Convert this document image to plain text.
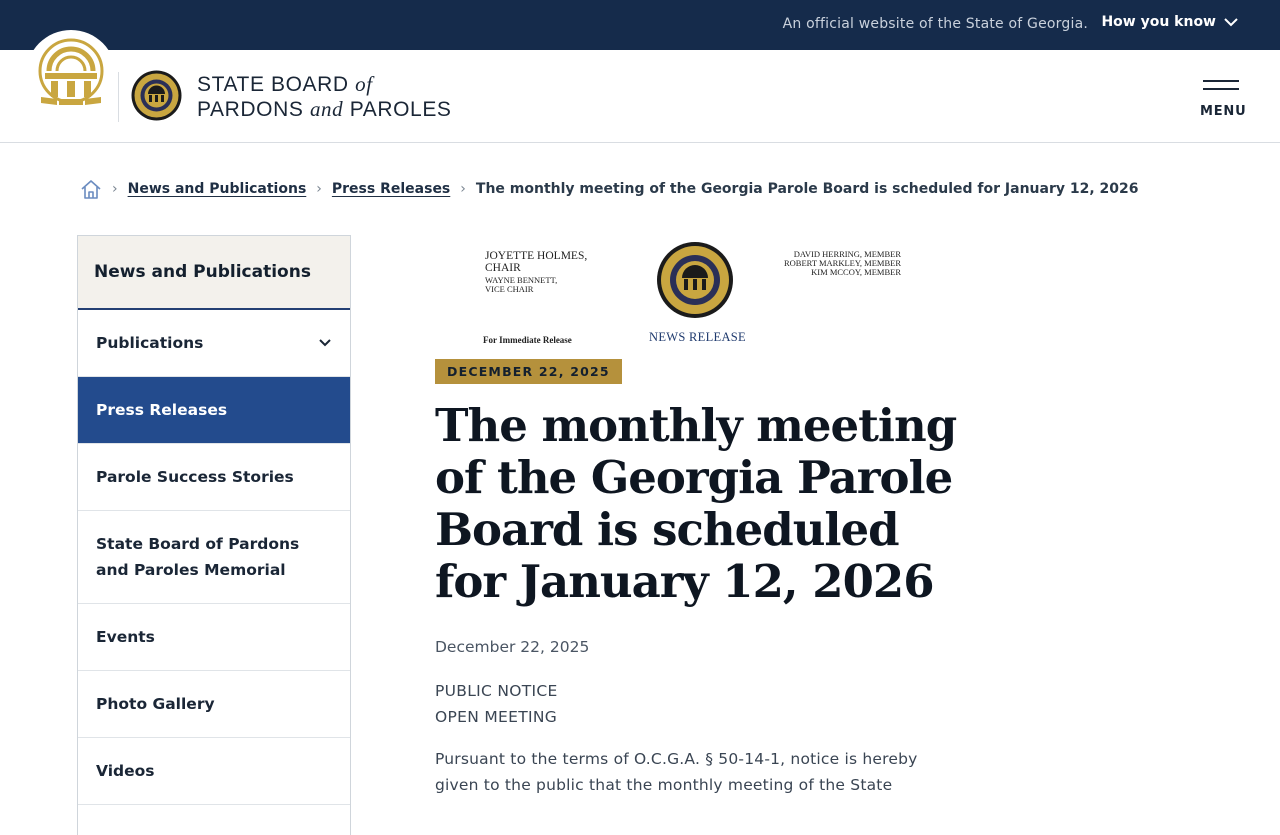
An official website of the State of Georgia. How you know
STATE BOARD of
PARDONS and PAROLES	MENU
› News and Publications › Press Releases › The monthly meeting of the Georgia Parole Board is scheduled for January 12, 2026
News and Publications
Publications
Press Releases
Parole Success Stories
State Board of Pardons and Paroles Memorial
Events
Photo Gallery
Videos
JOYETTE HOLMES,
CHAIR
WAYNE BENNETT,
VICE CHAIR
DAVID HERRING, MEMBER
ROBERT MARKLEY, MEMBER
KIM MCCOY, MEMBER
For Immediate Release	NEWS RELEASE
DECEMBER 22, 2025
The monthly meeting of the Georgia Parole Board is scheduled for January 12, 2026
December 22, 2025
PUBLIC NOTICE
OPEN MEETING

Pursuant to the terms of O.C.G.A. § 50-14-1, notice is hereby given to the public that the monthly meeting of the State
